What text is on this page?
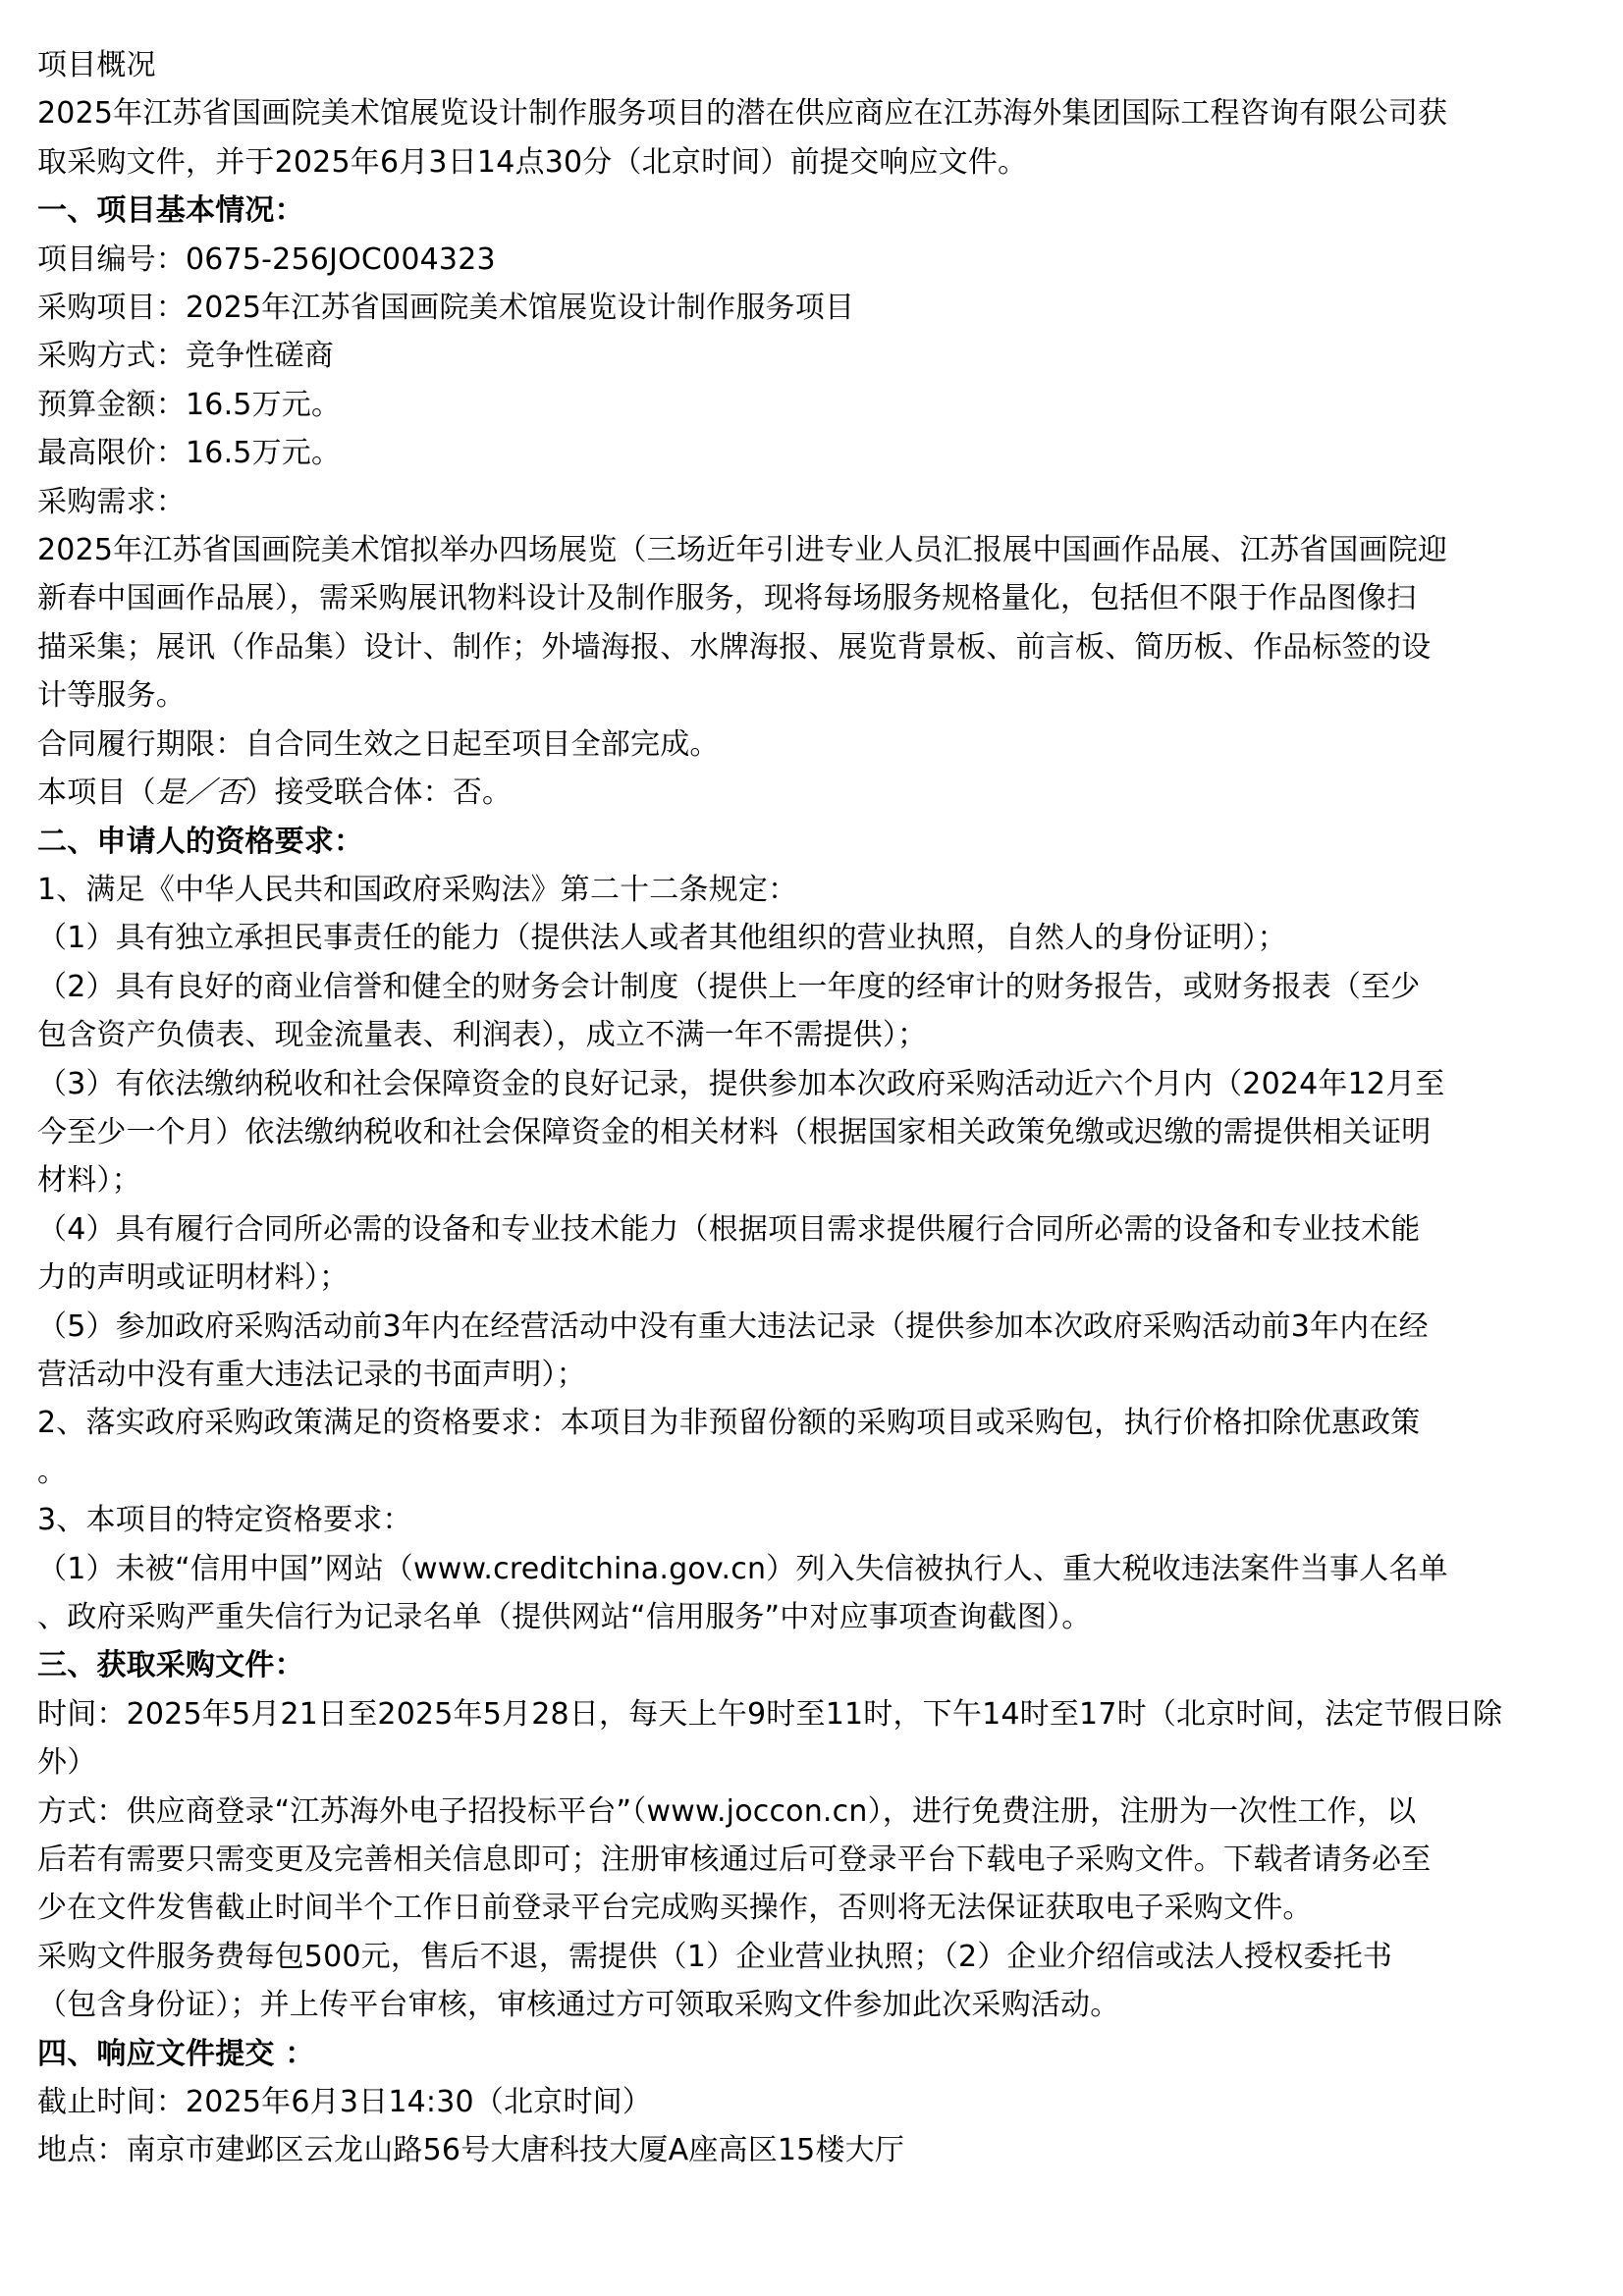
项目概况
2025年江苏省国画院美术馆展览设计制作服务项目的潜在供应商应在江苏海外集团国际工程咨询有限公司获
取采购文件，并于2025年6月3日14点30分（北京时间）前提交响应文件。
一、项目基本情况：
项目编号：0675-256JOC004323
采购项目：2025年江苏省国画院美术馆展览设计制作服务项目
采购方式：竞争性磋商
预算金额：16.5万元。
最高限价：16.5万元。
采购需求：
2025年江苏省国画院美术馆拟举办四场展览（三场近年引进专业人员汇报展中国画作品展、江苏省国画院迎
新春中国画作品展），需采购展讯物料设计及制作服务，现将每场服务规格量化，包括但不限于作品图像扫
描采集；展讯（作品集）设计、制作；外墙海报、水牌海报、展览背景板、前言板、简历板、作品标签的设
计等服务。
合同履行期限：自合同生效之日起至项目全部完成。
本项目（是／否）接受联合体：否。
二、申请人的资格要求：
1、满足《中华人民共和国政府采购法》第二十二条规定：
（1）具有独立承担民事责任的能力（提供法人或者其他组织的营业执照，自然人的身份证明）；
（2）具有良好的商业信誉和健全的财务会计制度（提供上一年度的经审计的财务报告，或财务报表（至少
包含资产负债表、现金流量表、利润表），成立不满一年不需提供）；
（3）有依法缴纳税收和社会保障资金的良好记录，提供参加本次政府采购活动近六个月内（2024年12月至
今至少一个月）依法缴纳税收和社会保障资金的相关材料（根据国家相关政策免缴或迟缴的需提供相关证明
材料）；
（4）具有履行合同所必需的设备和专业技术能力（根据项目需求提供履行合同所必需的设备和专业技术能
力的声明或证明材料）；
（5）参加政府采购活动前3年内在经营活动中没有重大违法记录（提供参加本次政府采购活动前3年内在经
营活动中没有重大违法记录的书面声明）；
2、落实政府采购政策满足的资格要求：本项目为非预留份额的采购项目或采购包，执行价格扣除优惠政策
。
3、本项目的特定资格要求：
（1）未被“信用中国”网站（www.creditchina.gov.cn）列入失信被执行人、重大税收违法案件当事人名单
、政府采购严重失信行为记录名单（提供网站“信用服务”中对应事项查询截图）。
三、获取采购文件：
时间：2025年5月21日至2025年5月28日，每天上午9时至11时，下午14时至17时（北京时间，法定节假日除
外）
方式：供应商登录“江苏海外电子招投标平台”（www.joccon.cn），进行免费注册，注册为一次性工作，以
后若有需要只需变更及完善相关信息即可；注册审核通过后可登录平台下载电子采购文件。下载者请务必至
少在文件发售截止时间半个工作日前登录平台完成购买操作，否则将无法保证获取电子采购文件。
采购文件服务费每包500元，售后不退，需提供（1）企业营业执照；（2）企业介绍信或法人授权委托书
（包含身份证）；并上传平台审核，审核通过方可领取采购文件参加此次采购活动。
四、响应文件提交 ：
截止时间：2025年6月3日14:30（北京时间）
地点：南京市建邺区云龙山路56号大唐科技大厦A座高区15楼大厅
